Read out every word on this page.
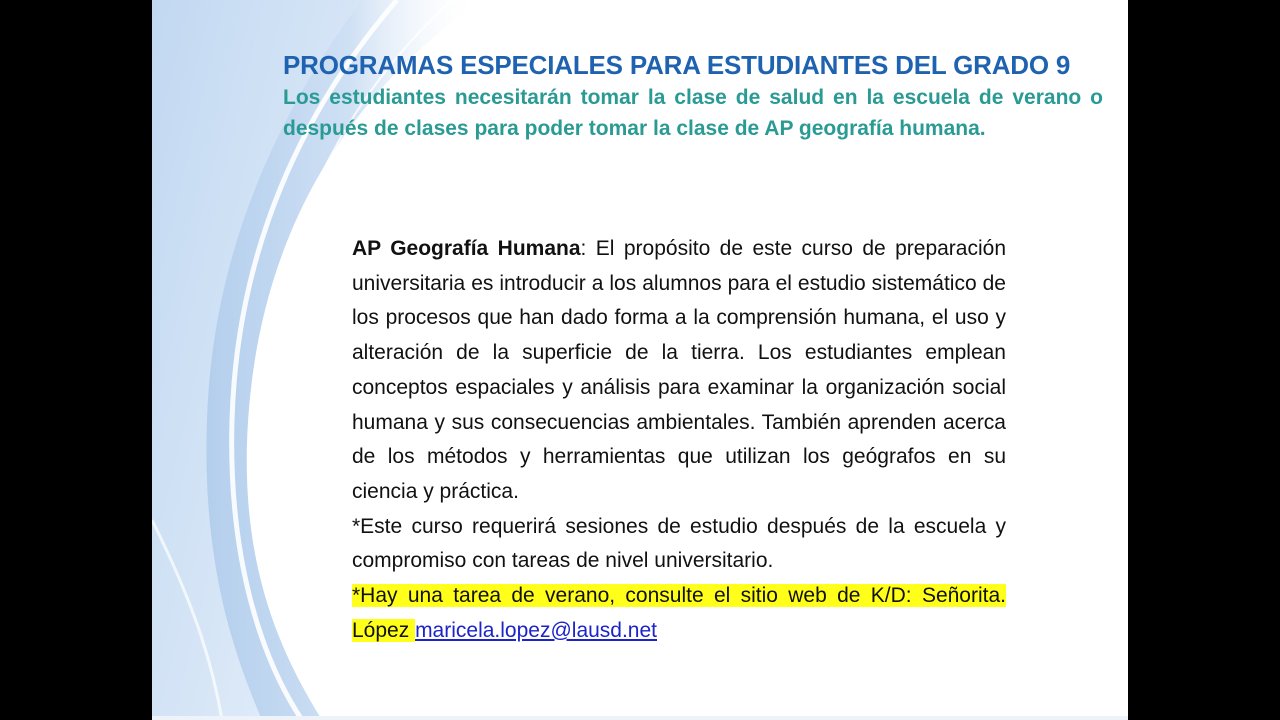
PROGRAMAS ESPECIALES PARA ESTUDIANTES DEL GRADO 9

Los estudiantes necesitarán tomar la clase de salud en la escuela de verano o después de clases para poder tomar la clase de AP geografía humana.

AP Geografía Humana: El propósito de este curso de preparación universitaria es introducir a los alumnos para el estudio sistemático de los procesos que han dado forma a la comprensión humana, el uso y alteración de la superficie de la tierra. Los estudiantes emplean conceptos espaciales y análisis para examinar la organización social humana y sus consecuencias ambientales. También aprenden acerca de los métodos y herramientas que utilizan los geógrafos en su ciencia y práctica.

*Este curso requerirá sesiones de estudio después de la escuela y compromiso con tareas de nivel universitario.

*Hay una tarea de verano, consulte el sitio web de K/D: Señorita. López maricela.lopez@lausd.net
